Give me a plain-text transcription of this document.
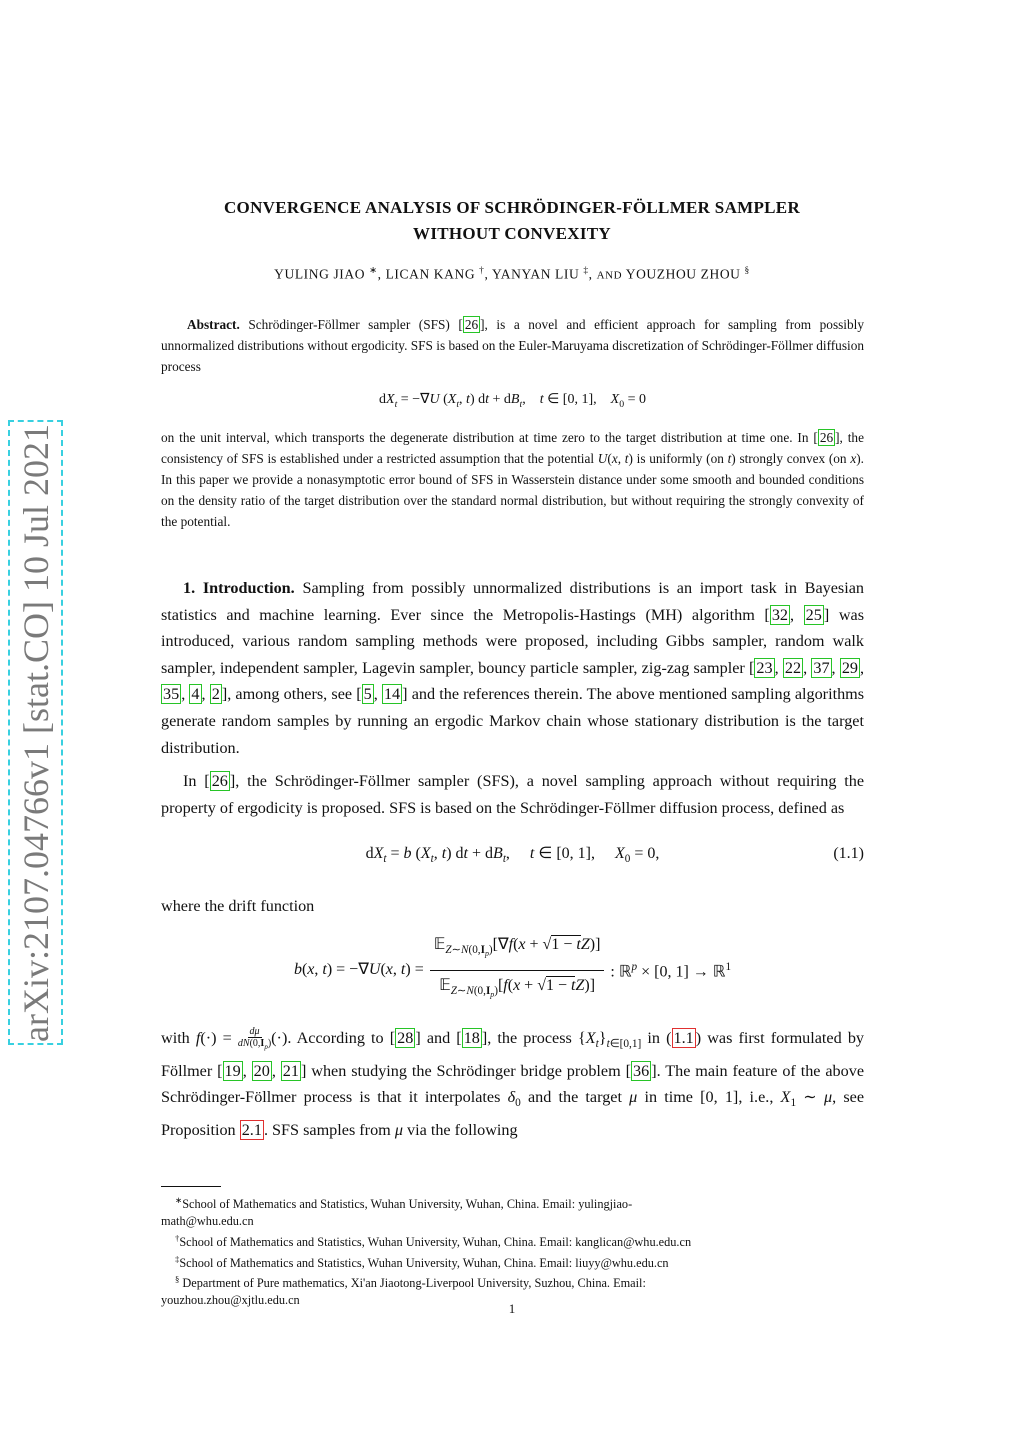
arXiv:2107.04766v1 [stat.CO] 10 Jul 2021
CONVERGENCE ANALYSIS OF SCHRÖDINGER-FÖLLMER SAMPLER
WITHOUT CONVEXITY
YULING JIAO ∗, LICAN KANG †, YANYAN LIU ‡, AND YOUZHOU ZHOU §

Abstract. Schrödinger-Föllmer sampler (SFS) [ 26 ], is a novel and efficient approach for sampling from possibly unnormalized distributions without ergodicity. SFS is based on the Euler-Maruyama discretization of Schrödinger-Föllmer diffusion process

$dX_t = -\nabla U$ ($X_t$, t) dt + $dB_t$,    t ∈ [0, 1],    $X_0 = 0$

on the unit interval, which transports the degenerate distribution at time zero to the target distribution at time one. In [ 26 ], the consistency of SFS is established under a restricted assumption that the potential U(x, t) is uniformly (on t) strongly convex (on x). In this paper we provide a nonasymptotic error bound of SFS in Wasserstein distance under some smooth and bounded conditions on the density ratio of the target distribution over the standard normal distribution, but without requiring the strongly convexity of the potential.

1. Introduction. Sampling from possibly unnormalized distributions is an import task in Bayesian statistics and machine learning. Ever since the Metropolis-Hastings (MH) algorithm [ 32 , 25 ] was introduced, various random sampling methods were proposed, including Gibbs sampler, random walk sampler, independent sampler, Lagevin sampler, bouncy particle sampler, zig-zag sampler [ 23 , 22 , 37 , 29 , 35 , 4 , 2 ], among others, see [ 5 , 14 ] and the references therein. The above mentioned sampling algorithms generate random samples by running an ergodic Markov chain whose stationary distribution is the target distribution.

In [ 26 ], the Schrödinger-Föllmer sampler (SFS), a novel sampling approach without requiring the property of ergodicity is proposed. SFS is based on the Schrödinger-Föllmer diffusion process, defined as

$dX_t = b$ ($X_t$, t) dt + $dB_t$,     t ∈ [0, 1],     $X_0 = 0$,	(1.1)

where the drift function

b(x, t) = −∇U(x, $t) = \frac{𝔼_{Z\sim N(0,I_p)}[\nabla f(x + √1 - tZ)]}{𝔼_{Z\sim N(0,I_p)}[f(x + √1 - tZ)]}$ : ℝ$^p$ × [0, 1] → ℝ$^1$

with $f(\cdot) = \frac{d\mu}{dN(0,I_p)}$ (·). According to [ 28 ] and [ 18 ], the process $\{X_t\}_{t\in[0,1]}$ in ( 1.1 ) was first formulated by Föllmer [ 19 , 20 , 21 ] when studying the Schrödinger bridge problem [ 36 ]. The main feature of the above Schrödinger-Föllmer process is that it interpolates $\delta_0$ and the target μ in time [0, 1], i.e., $X_1$ ∼ μ, see Proposition 2.1 . SFS samples from μ via the following

∗School of Mathematics and Statistics, Wuhan University, Wuhan, China. Email: yulingjiao-

math@whu.edu.cn

†School of Mathematics and Statistics, Wuhan University, Wuhan, China. Email: kanglican@whu.edu.cn

‡School of Mathematics and Statistics, Wuhan University, Wuhan, China. Email: liuyy@whu.edu.cn

§ Department of Pure mathematics, Xi'an Jiaotong-Liverpool University, Suzhou, China. Email:

youzhou.zhou@xjtlu.edu.cn

1
